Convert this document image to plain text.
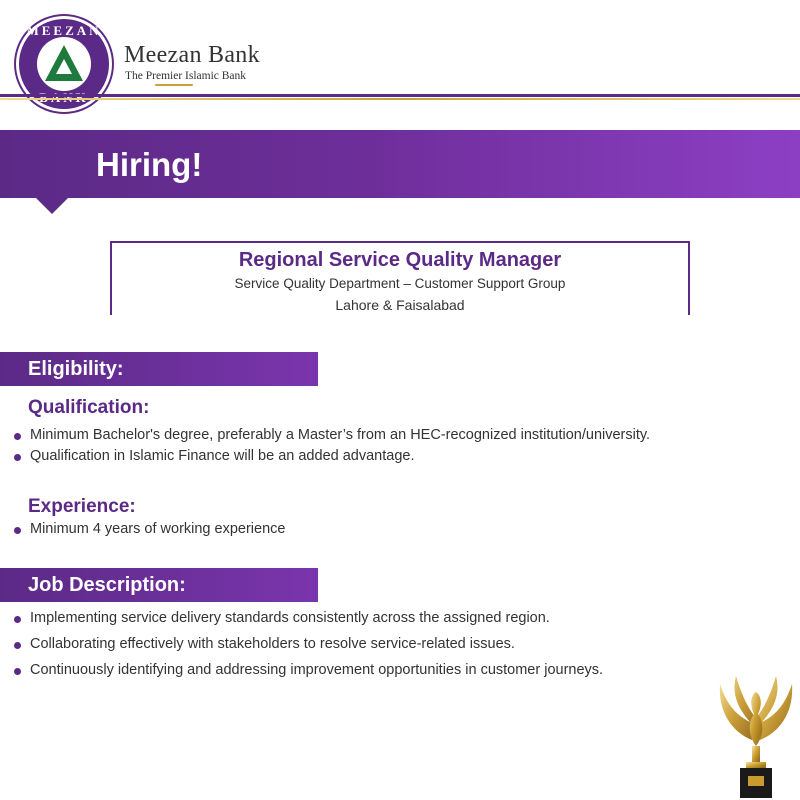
MEEZAN
Meezan Bank
The Premier Islamic Bank
Hiring!
Regional Service Quality Manager
Service Quality Department – Customer Support Group
Lahore & Faisalabad
Eligibility:
Qualification:
Minimum Bachelor's degree, preferably a Master’s from an HEC-recognized institution/university.
Qualification in Islamic Finance will be an added advantage.
Experience:
Minimum 4 years of working experience
Job Description:
Implementing service delivery standards consistently across the assigned region.
Collaborating effectively with stakeholders to resolve service-related issues.
Continuously identifying and addressing improvement opportunities in customer journeys.
